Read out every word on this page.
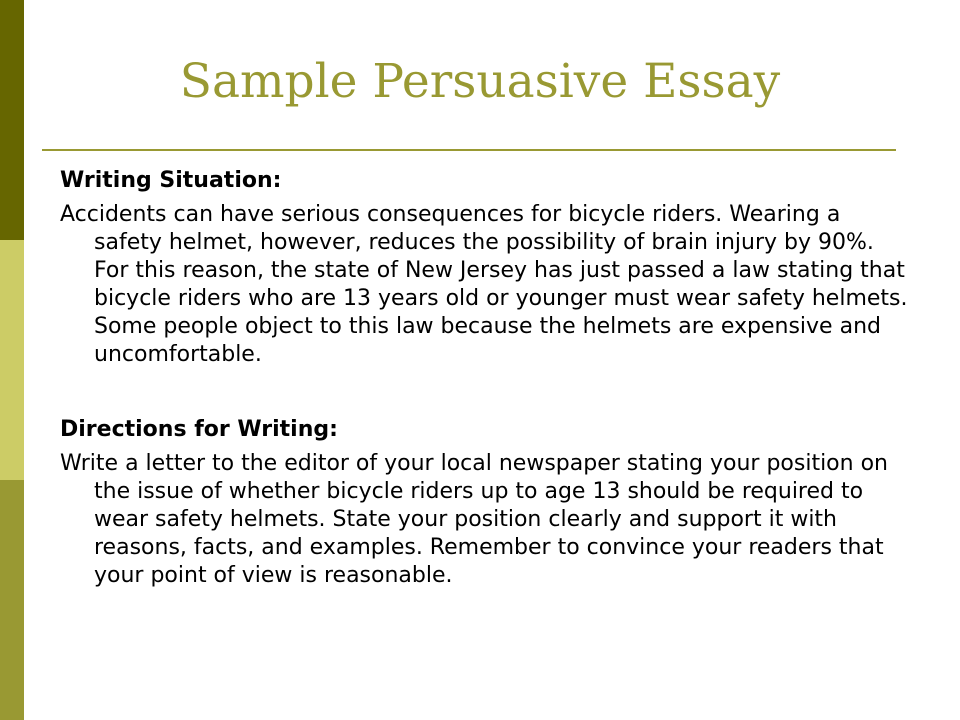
Sample Persuasive Essay
Writing Situation:

Accidents can have serious consequences for bicycle riders. Wearing a safety helmet, however, reduces the possibility of brain injury by 90%. For this reason, the state of New Jersey has just passed a law stating that bicycle riders who are 13 years old or younger must wear safety helmets. Some people object to this law because the helmets are expensive and uncomfortable.

Directions for Writing:

Write a letter to the editor of your local newspaper stating your position on the issue of whether bicycle riders up to age 13 should be required to wear safety helmets. State your position clearly and support it with reasons, facts, and examples. Remember to convince your readers that your point of view is reasonable.
